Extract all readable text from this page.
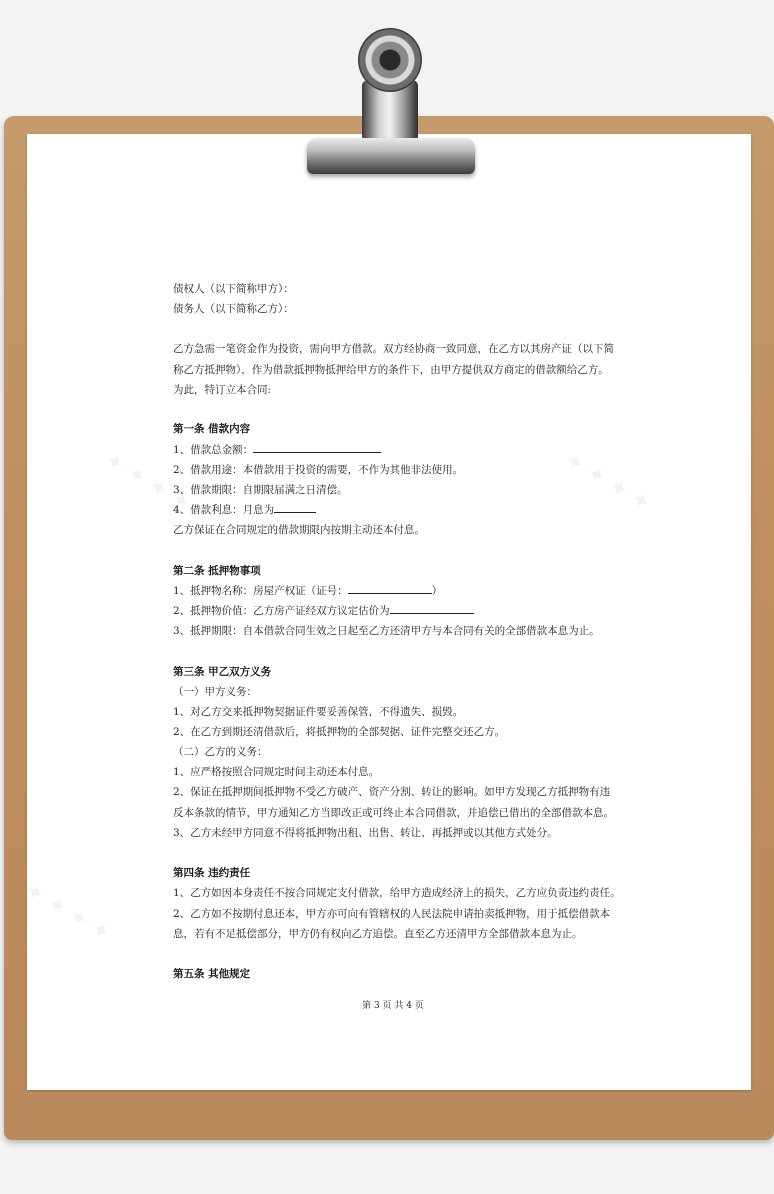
✦ ✦ ✦ ✦	✦ ✦ ✦ ✦
✦ ✦ ✦ ✦
债权人（以下简称甲方）：
债务人（以下简称乙方）：
乙方急需一笔资金作为投资，需向甲方借款。双方经协商一致同意，在乙方以其房产证（以下简
称乙方抵押物），作为借款抵押物抵押给甲方的条件下，由甲方提供双方商定的借款额给乙方。
为此，特订立本合同:
第一条 借款内容
1、借款总金额：
2、借款用途：本借款用于投资的需要，不作为其他非法使用。
3、借款期限：自期限届满之日清偿。
4、借款利息：月息为
乙方保证在合同规定的借款期限内按期主动还本付息。
第二条 抵押物事项
1、抵押物名称：房屋产权证（证号：	）
2、抵押物价值：乙方房产证经双方议定估价为
3、抵押期限：自本借款合同生效之日起至乙方还清甲方与本合同有关的全部借款本息为止。
第三条 甲乙双方义务
（一）甲方义务：
1、对乙方交来抵押物契据证件要妥善保管，不得遗失、损毁。
2、在乙方到期还清借款后，将抵押物的全部契据、证件完整交还乙方。
（二）乙方的义务：
1、应严格按照合同规定时间主动还本付息。
2、保证在抵押期间抵押物不受乙方破产、资产分割、转让的影响。如甲方发现乙方抵押物有违
反本条款的情节，甲方通知乙方当即改正或可终止本合同借款，并追偿已借出的全部借款本息。
3、乙方未经甲方同意不得将抵押物出租、出售、转让、再抵押或以其他方式处分。
第四条 违约责任
1、乙方如因本身责任不按合同规定支付借款，给甲方造成经济上的损失，乙方应负责违约责任。
2、乙方如不按期付息还本，甲方亦可向有管辖权的人民法院申请拍卖抵押物，用于抵偿借款本
息，若有不足抵偿部分，甲方仍有权向乙方追偿。直至乙方还清甲方全部借款本息为止。
第五条 其他规定
第 3 页 共 4 页
